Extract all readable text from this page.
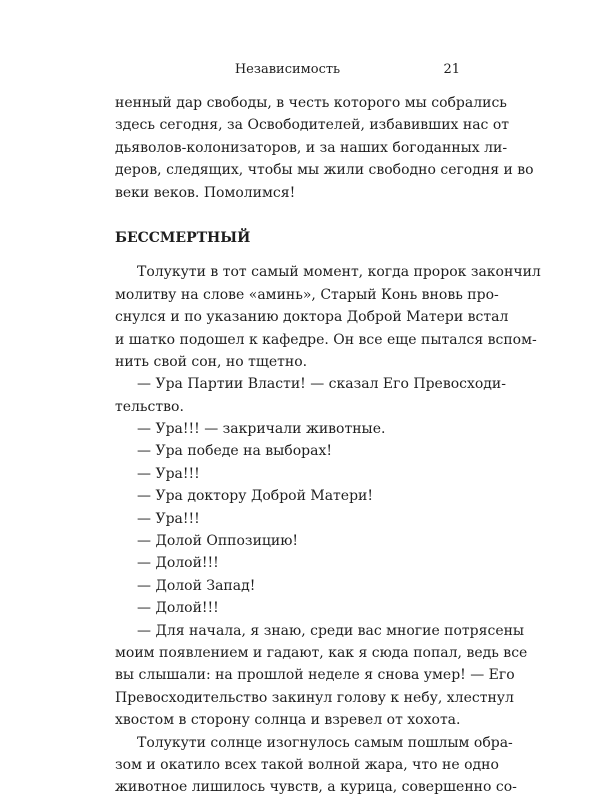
Независимость	21
ненный дар свободы, в честь которого мы собрались
здесь сегодня, за Освободителей, избавивших нас от
дьяволов-колонизаторов, и за наших богоданных ли-
деров, следящих, чтобы мы жили свободно сегодня и во
веки веков. Помолимся!
БЕССМЕРТНЫЙ
Толукути в тот самый момент, когда пророк закончил
молитву на слове «аминь», Старый Конь вновь про-
снулся и по указанию доктора Доброй Матери встал
и шатко подошел к кафедре. Он все еще пытался вспом-
нить свой сон, но тщетно.
— Ура Партии Власти! — сказал Его Превосходи-
тельство.
— Ура!!! — закричали животные.
— Ура победе на выборах!
— Ура!!!
— Ура доктору Доброй Матери!
— Ура!!!
— Долой Оппозицию!
— Долой!!!
— Долой Запад!
— Долой!!!
— Для начала, я знаю, среди вас многие потрясены
моим появлением и гадают, как я сюда попал, ведь все
вы слышали: на прошлой неделе я снова умер! — Его
Превосходительство закинул голову к небу, хлестнул
хвостом в сторону солнца и взревел от хохота.
Толукути солнце изогнулось самым пошлым обра-
зом и окатило всех такой волной жара, что не одно
животное лишилось чувств, а курица, совершенно со-
